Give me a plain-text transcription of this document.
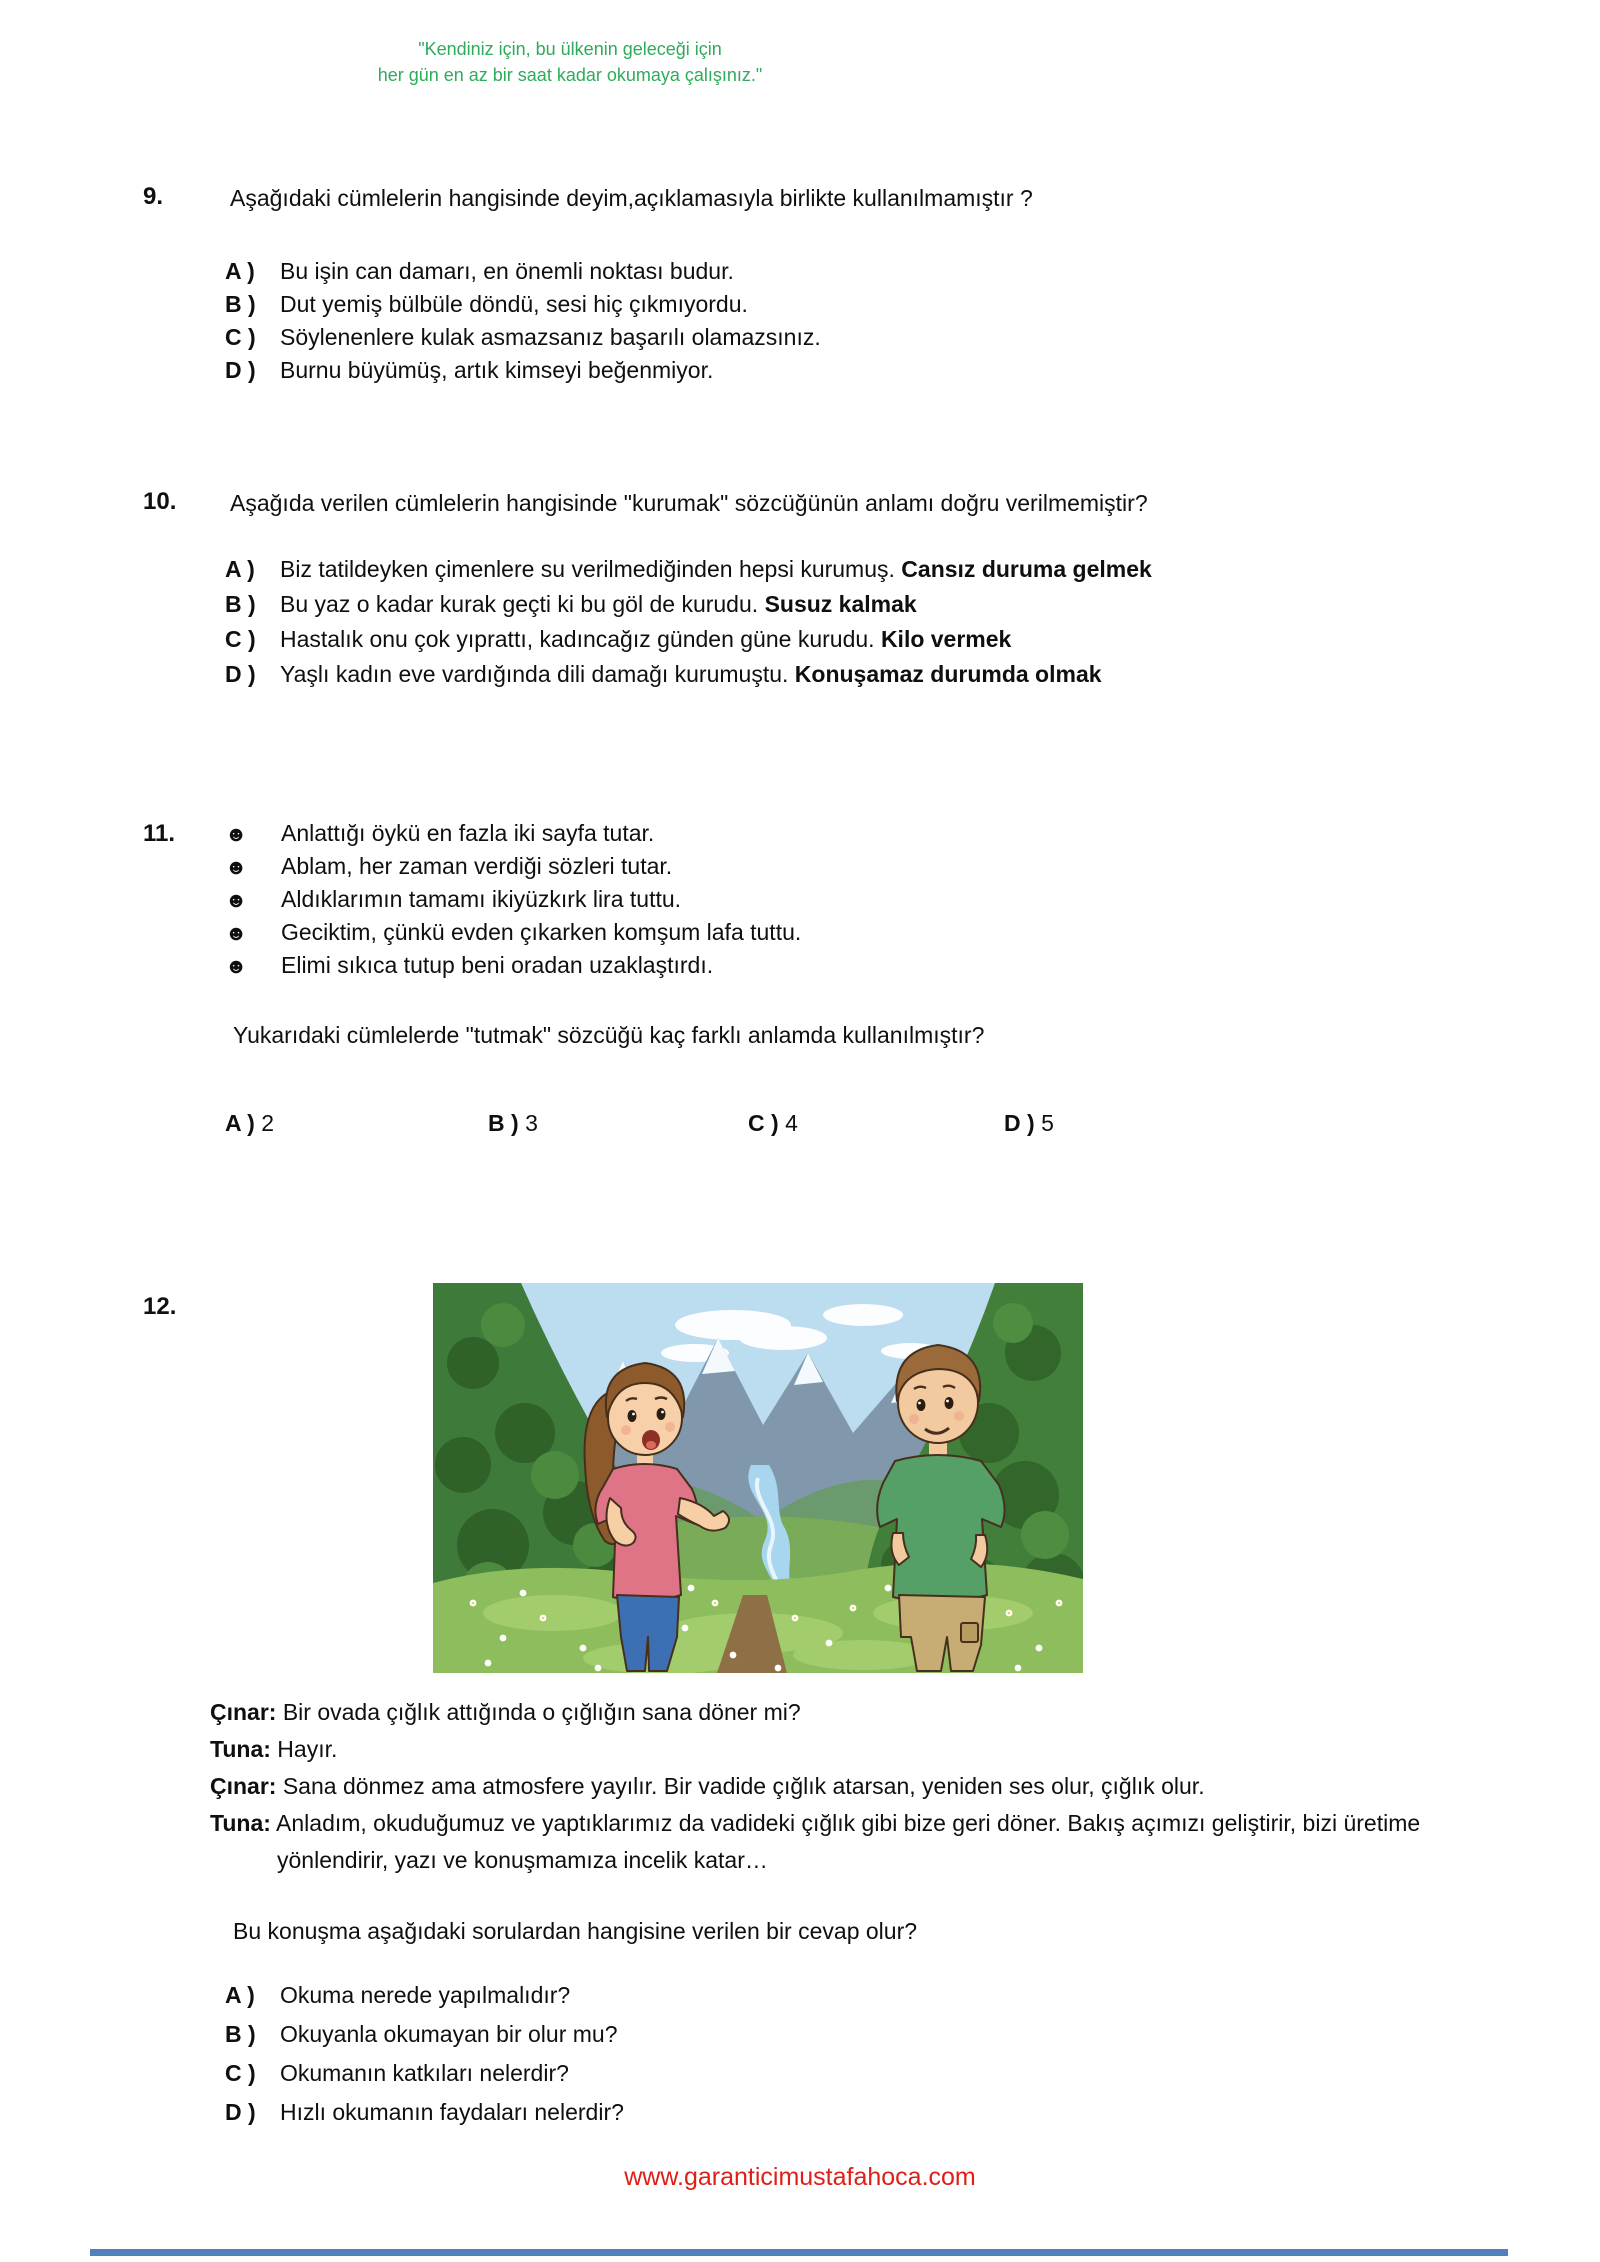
"Kendiniz için, bu ülkenin geleceği için
her gün en az bir saat kadar okumaya çalışınız."
9.	Aşağıdaki cümlelerin hangisinde deyim,açıklamasıyla birlikte kullanılmamıştır ?
A ) Bu işin can damarı, en önemli noktası budur.
B ) Dut yemiş bülbüle döndü, sesi hiç çıkmıyordu.
C ) Söylenenlere kulak asmazsanız başarılı olamazsınız.
D ) Burnu büyümüş, artık kimseyi beğenmiyor.
10. Aşağıda verilen cümlelerin hangisinde "kurumak" sözcüğünün anlamı doğru verilmemiştir?
A ) Biz tatildeyken çimenlere su verilmediğinden hepsi kurumuş. Cansız duruma gelmek
B ) Bu yaz o kadar kurak geçti ki bu göl de kurudu. Susuz kalmak
C ) Hastalık onu çok yıprattı, kadıncağız günden güne kurudu. Kilo vermek
D ) Yaşlı kadın eve vardığında dili damağı kurumuştu. Konuşamaz durumda olmak
11. ☻ Anlattığı öykü en fazla iki sayfa tutar.
☻ Ablam, her zaman verdiği sözleri tutar.
☻ Aldıklarımın tamamı ikiyüzkırk lira tuttu.
☻ Geciktim, çünkü evden çıkarken komşum lafa tuttu.
☻ Elimi sıkıca tutup beni oradan uzaklaştırdı.
Yukarıdaki cümlelerde "tutmak" sözcüğü kaç farklı anlamda kullanılmıştır?
A ) 2	B ) 3	C ) 4	D ) 5
12.

Çınar: Bir ovada çığlık attığında o çığlığın sana döner mi?

Tuna: Hayır.

Çınar: Sana dönmez ama atmosfere yayılır. Bir vadide çığlık atarsan, yeniden ses olur, çığlık olur.

Tuna: Anladım, okuduğumuz ve yaptıklarımız da vadideki çığlık gibi bize geri döner. Bakış açımızı geliştirir, bizi üretime yönlendirir, yazı ve konuşmamıza incelik katar…

Bu konuşma aşağıdaki sorulardan hangisine verilen bir cevap olur?
A ) Okuma nerede yapılmalıdır?
B ) Okuyanla okumayan bir olur mu?
C ) Okumanın katkıları nelerdir?
D ) Hızlı okumanın faydaları nelerdir?
www.garanticimustafahoca.com
